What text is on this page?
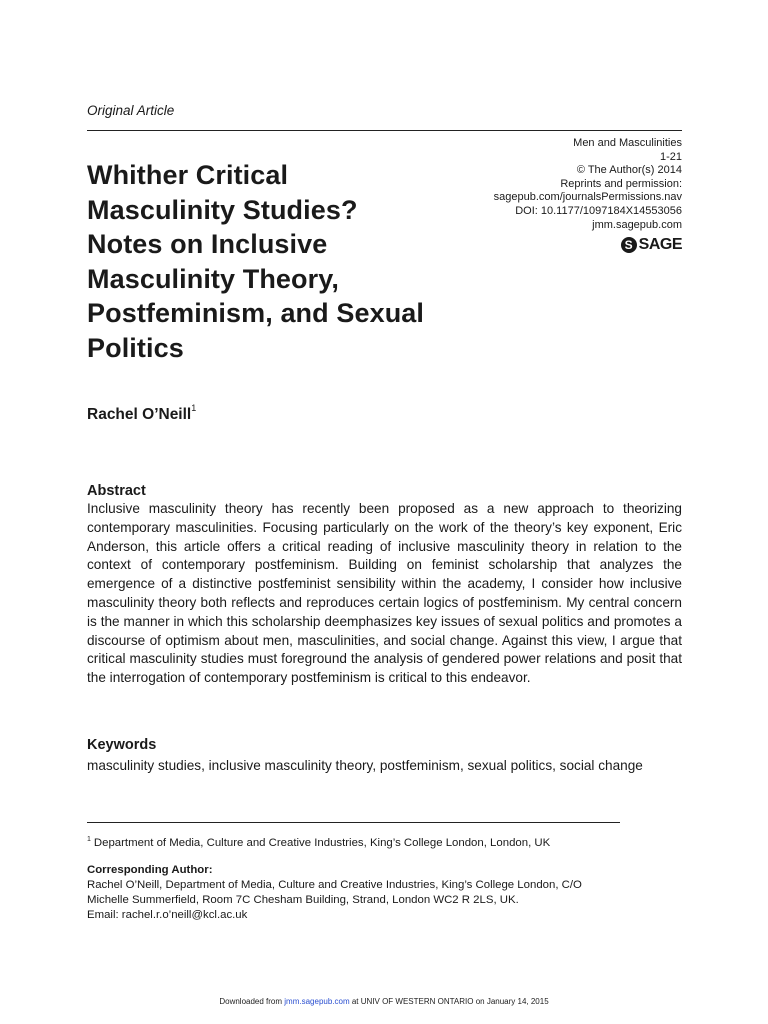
Original Article
Whither Critical
Masculinity Studies?
Notes on Inclusive
Masculinity Theory,
Postfeminism, and Sexual
Politics
Men and Masculinities
1-21
© The Author(s) 2014
Reprints and permission:
sagepub.com/journalsPermissions.nav
DOI: 10.1177/1097184X14553056
jmm.sagepub.com
S SAGE
Rachel O’Neill$^1$
Abstract

Inclusive masculinity theory has recently been proposed as a new approach to theorizing contemporary masculinities. Focusing particularly on the work of the theory’s key exponent, Eric Anderson, this article offers a critical reading of inclusive masculinity theory in relation to the context of contemporary postfeminism. Building on feminist scholarship that analyzes the emergence of a distinctive postfeminist sensibility within the academy, I consider how inclusive masculinity theory both reflects and reproduces certain logics of postfeminism. My central concern is the manner in which this scholarship deemphasizes key issues of sexual politics and promotes a discourse of optimism about men, masculinities, and social change. Against this view, I argue that critical masculinity studies must foreground the analysis of gendered power relations and posit that the interrogation of contemporary postfeminism is critical to this endeavor.

Keywords

masculinity studies, inclusive masculinity theory, postfeminism, sexual politics, social change

$^1$ Department of Media, Culture and Creative Industries, King’s College London, London, UK
Corresponding Author:
Rachel O’Neill, Department of Media, Culture and Creative Industries, King’s College London, C/O
Michelle Summerfield, Room 7C Chesham Building, Strand, London WC2 R 2LS, UK.
Email: rachel.r.o’neill@kcl.ac.uk
Downloaded from jmm.sagepub.com at UNIV OF WESTERN ONTARIO on January 14, 2015
